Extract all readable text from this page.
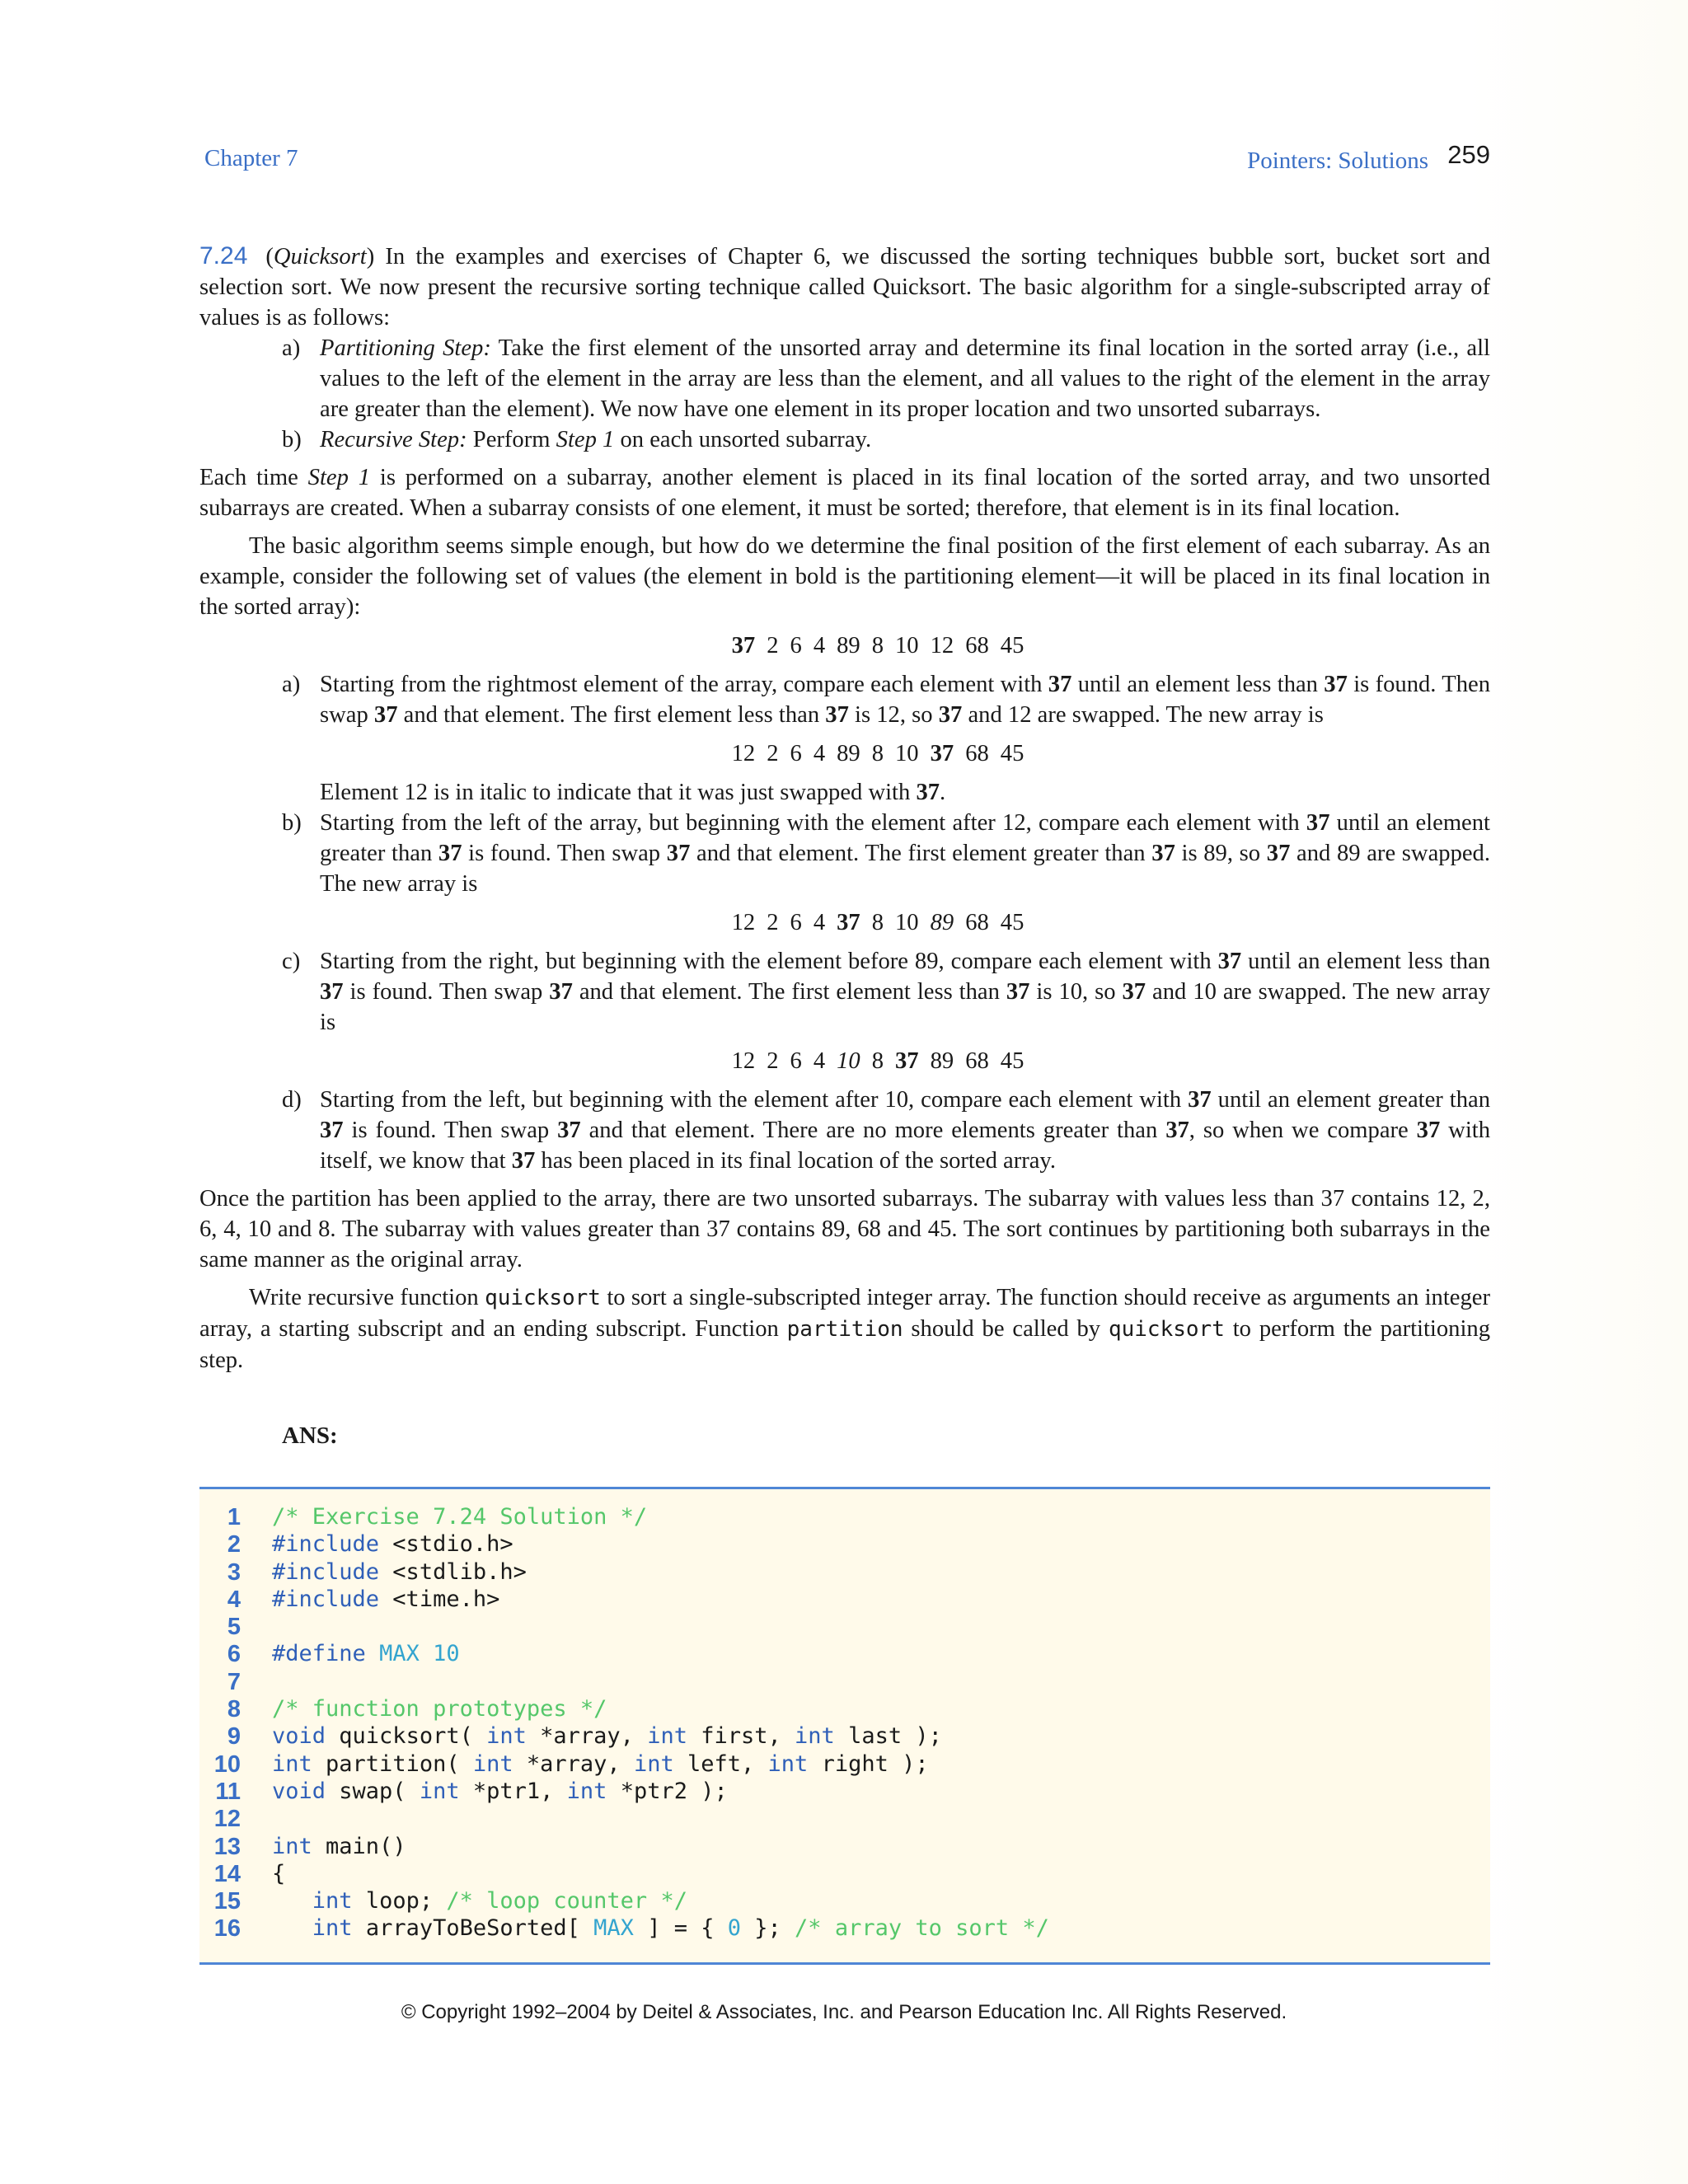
Chapter 7	Pointers: Solutions 259

7.24 (Quicksort) In the examples and exercises of Chapter 6, we discussed the sorting techniques bubble sort, bucket sort and selection sort. We now present the recursive sorting technique called Quicksort. The basic algorithm for a single-subscripted array of values is as follows:

a) Partitioning Step: Take the first element of the unsorted array and determine its final location in the sorted array (i.e., all values to the left of the element in the array are less than the element, and all values to the right of the element in the array are greater than the element). We now have one element in its proper location and two unsorted subarrays.
b) Recursive Step: Perform Step 1 on each unsorted subarray.

Each time Step 1 is performed on a subarray, another element is placed in its final location of the sorted array, and two unsorted subarrays are created. When a subarray consists of one element, it must be sorted; therefore, that element is in its final location.

The basic algorithm seems simple enough, but how do we determine the final position of the first element of each subarray. As an example, consider the following set of values (the element in bold is the partitioning element—it will be placed in its final location in the sorted array):

37 2 6 4 89 8 10 12 68 45
a) Starting from the rightmost element of the array, compare each element with 37 until an element less than 37 is found. Then swap 37 and that element. The first element less than 37 is 12, so 37 and 12 are swapped. The new array is
12 2 6 4 89 8 10 37 68 45

Element 12 is in italic to indicate that it was just swapped with 37.

b) Starting from the left of the array, but beginning with the element after 12, compare each element with 37 until an element greater than 37 is found. Then swap 37 and that element. The first element greater than 37 is 89, so 37 and 89 are swapped. The new array is
12 2 6 4 37 8 10 89 68 45
c) Starting from the right, but beginning with the element before 89, compare each element with 37 until an element less than 37 is found. Then swap 37 and that element. The first element less than 37 is 10, so 37 and 10 are swapped. The new array is
12 2 6 4 10 8 37 89 68 45
d) Starting from the left, but beginning with the element after 10, compare each element with 37 until an element greater than 37 is found. Then swap 37 and that element. There are no more elements greater than 37, so when we compare 37 with itself, we know that 37 has been placed in its final location of the sorted array.

Once the partition has been applied to the array, there are two unsorted subarrays. The subarray with values less than 37 contains 12, 2, 6, 4, 10 and 8. The subarray with values greater than 37 contains 89, 68 and 45. The sort continues by partitioning both subarrays in the same manner as the original array.

Write recursive function quicksort to sort a single-subscripted integer array. The function should receive as arguments an integer array, a starting subscript and an ending subscript. Function partition should be called by quicksort to perform the partitioning step.

ANS:
1 /* Exercise 7.24 Solution */
2 #include <stdio.h>
3 #include <stdlib.h>
4 #include <time.h>
5
6 #define MAX 10
7
8 /* function prototypes */
9 void quicksort( int *array, int first, int last );
10 int partition( int *array, int left, int right );
11 void swap( int *ptr1, int *ptr2 );
12
13 int main()
14 {
15	int loop; /* loop counter */
16	int arrayToBeSorted[ MAX ] = { 0 }; /* array to sort */
© Copyright 1992–2004 by Deitel & Associates, Inc. and Pearson Education Inc. All Rights Reserved.
